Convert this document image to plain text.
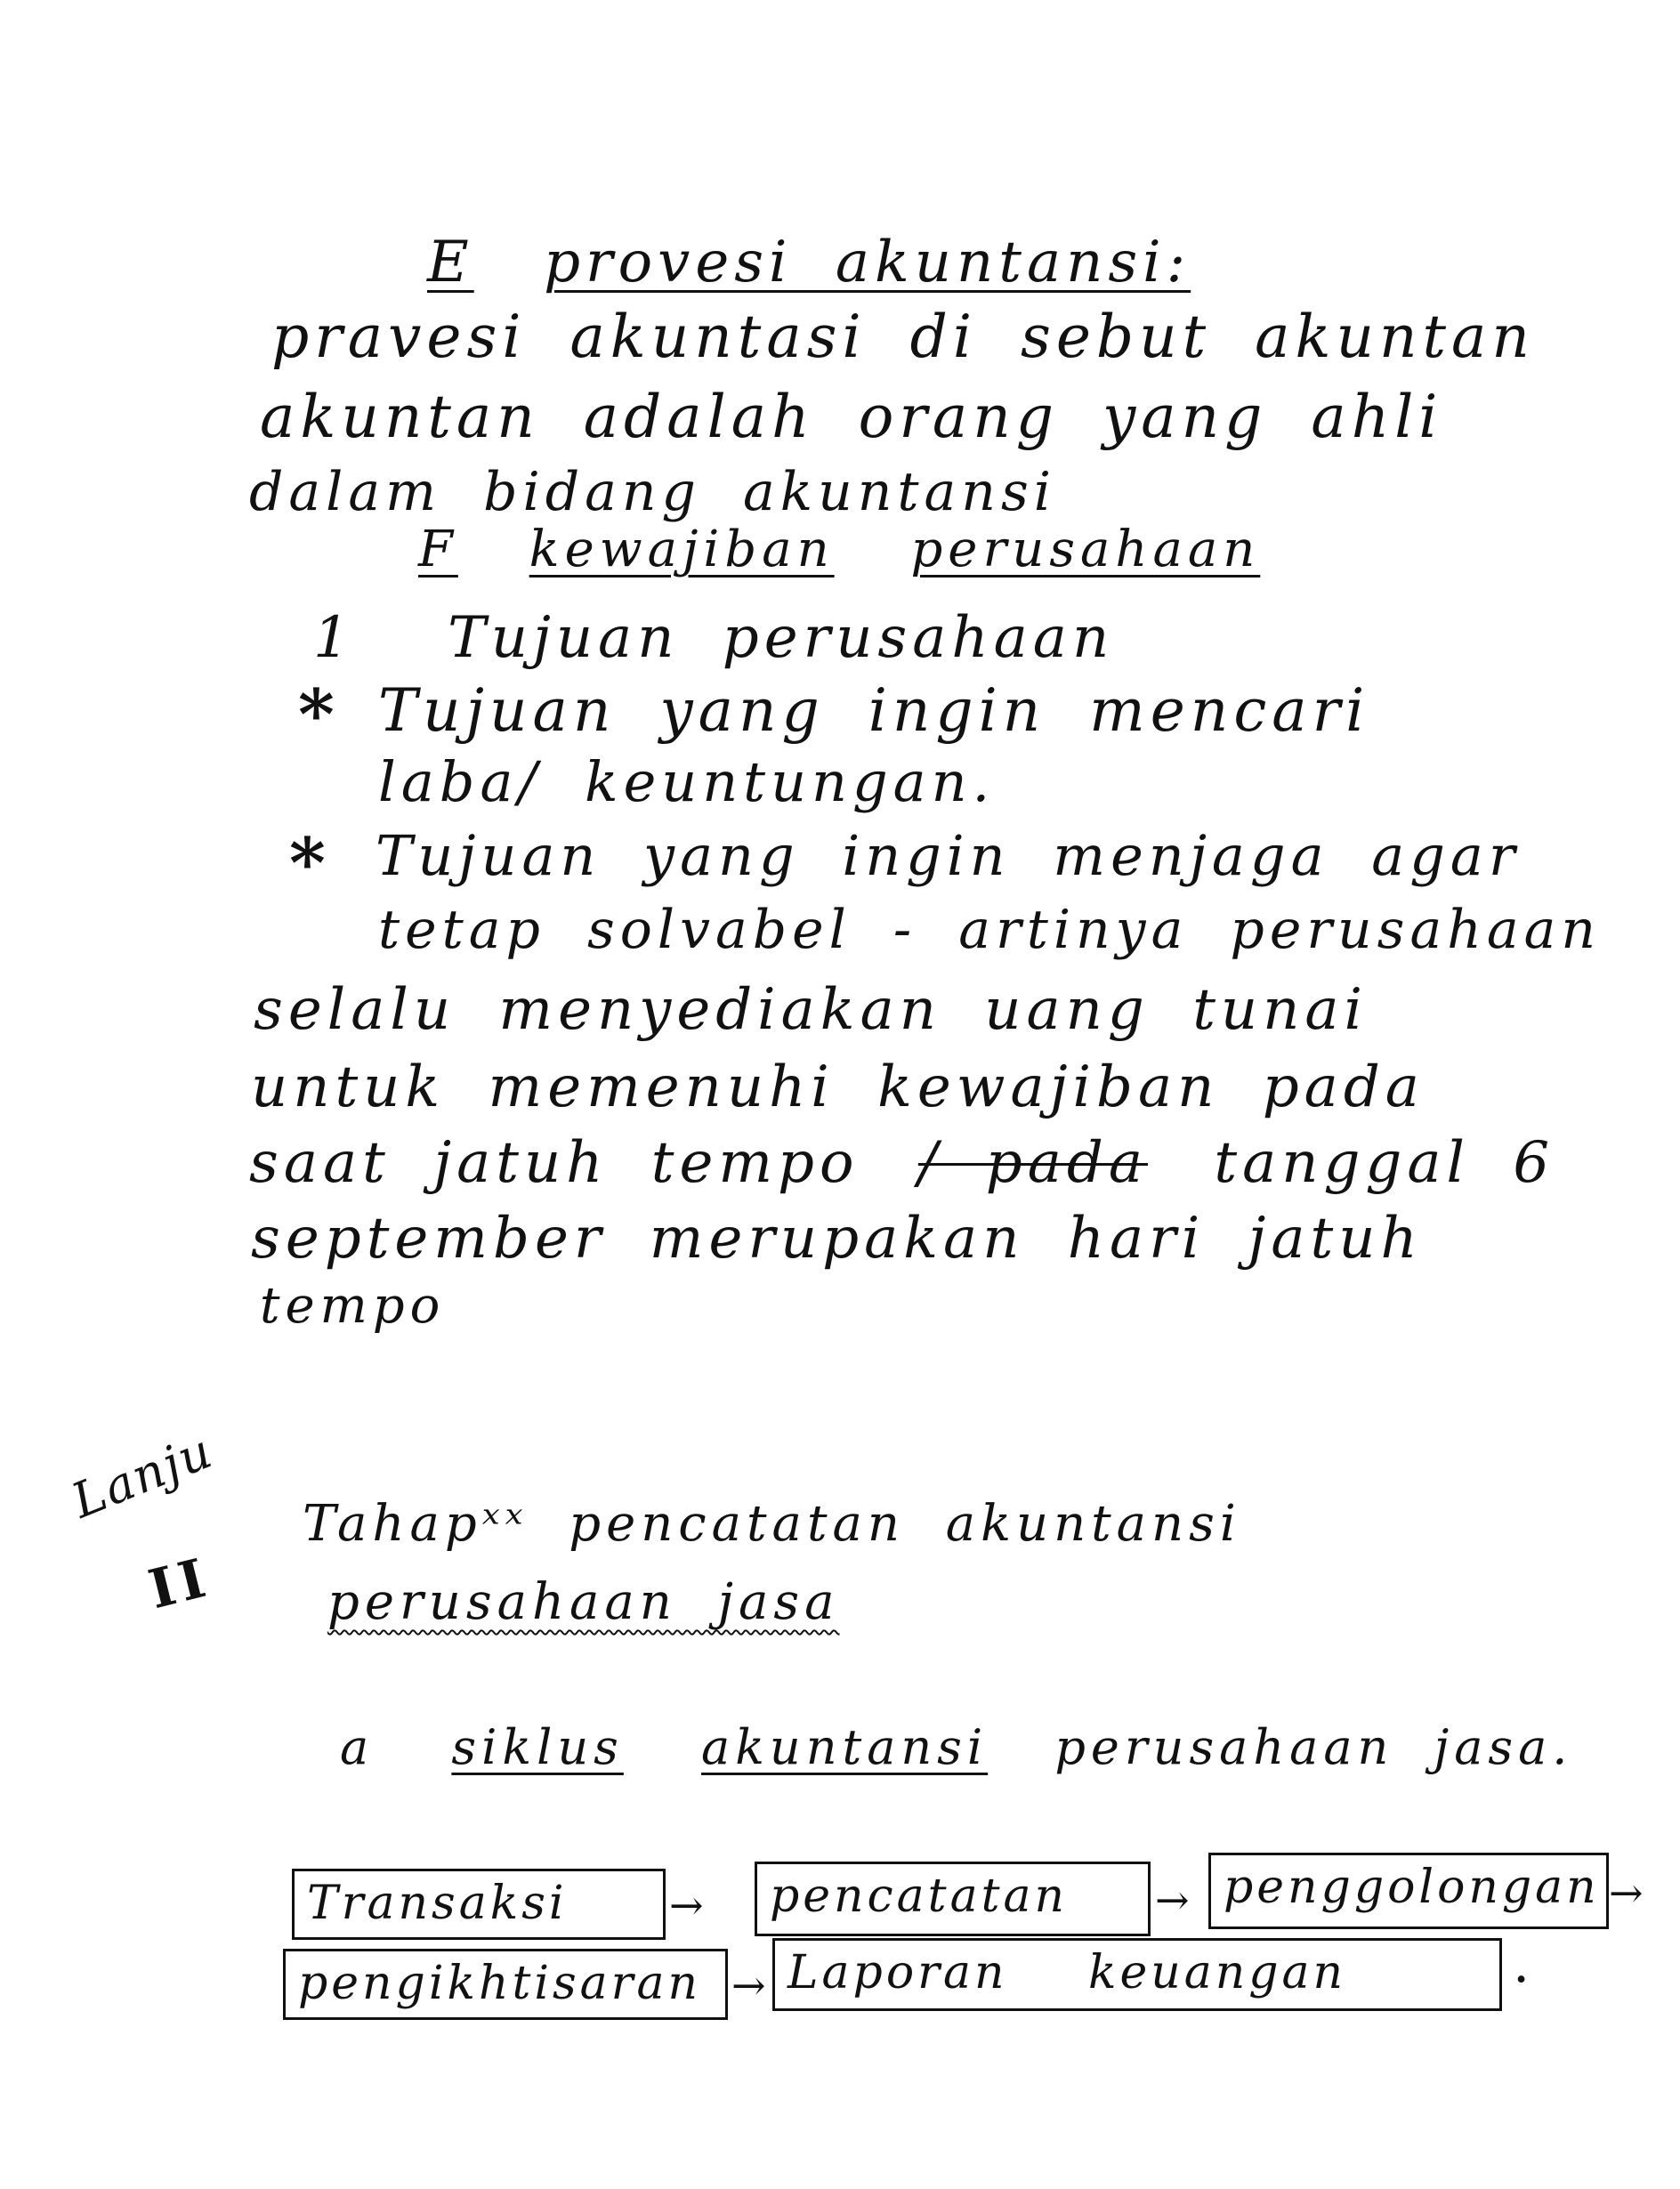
E provesi akuntansi:
pravesi akuntasi di sebut akuntan
akuntan adalah orang yang ahli
dalam bidang akuntansi
F kewajiban perusahaan
1 Tujuan perusahaan
* Tujuan yang ingin mencari
laba/ keuntungan.
* Tujuan yang ingin menjaga agar
tetap solvabel - artinya perusahaan
selalu menyediakan uang tunai
untuk memenuhi kewajiban pada
saat jatuh tempo / pada tanggal 6
september merupakan hari jatuh
tempo
Lanju
II
Tahapˣˣ pencatatan akuntansi
perusahaan jasa
a siklus akuntansi perusahaan jasa.
Transaksi	→	pencatatan	→ penggolongan →
pengikhtisaran → Laporan keuangan	.
